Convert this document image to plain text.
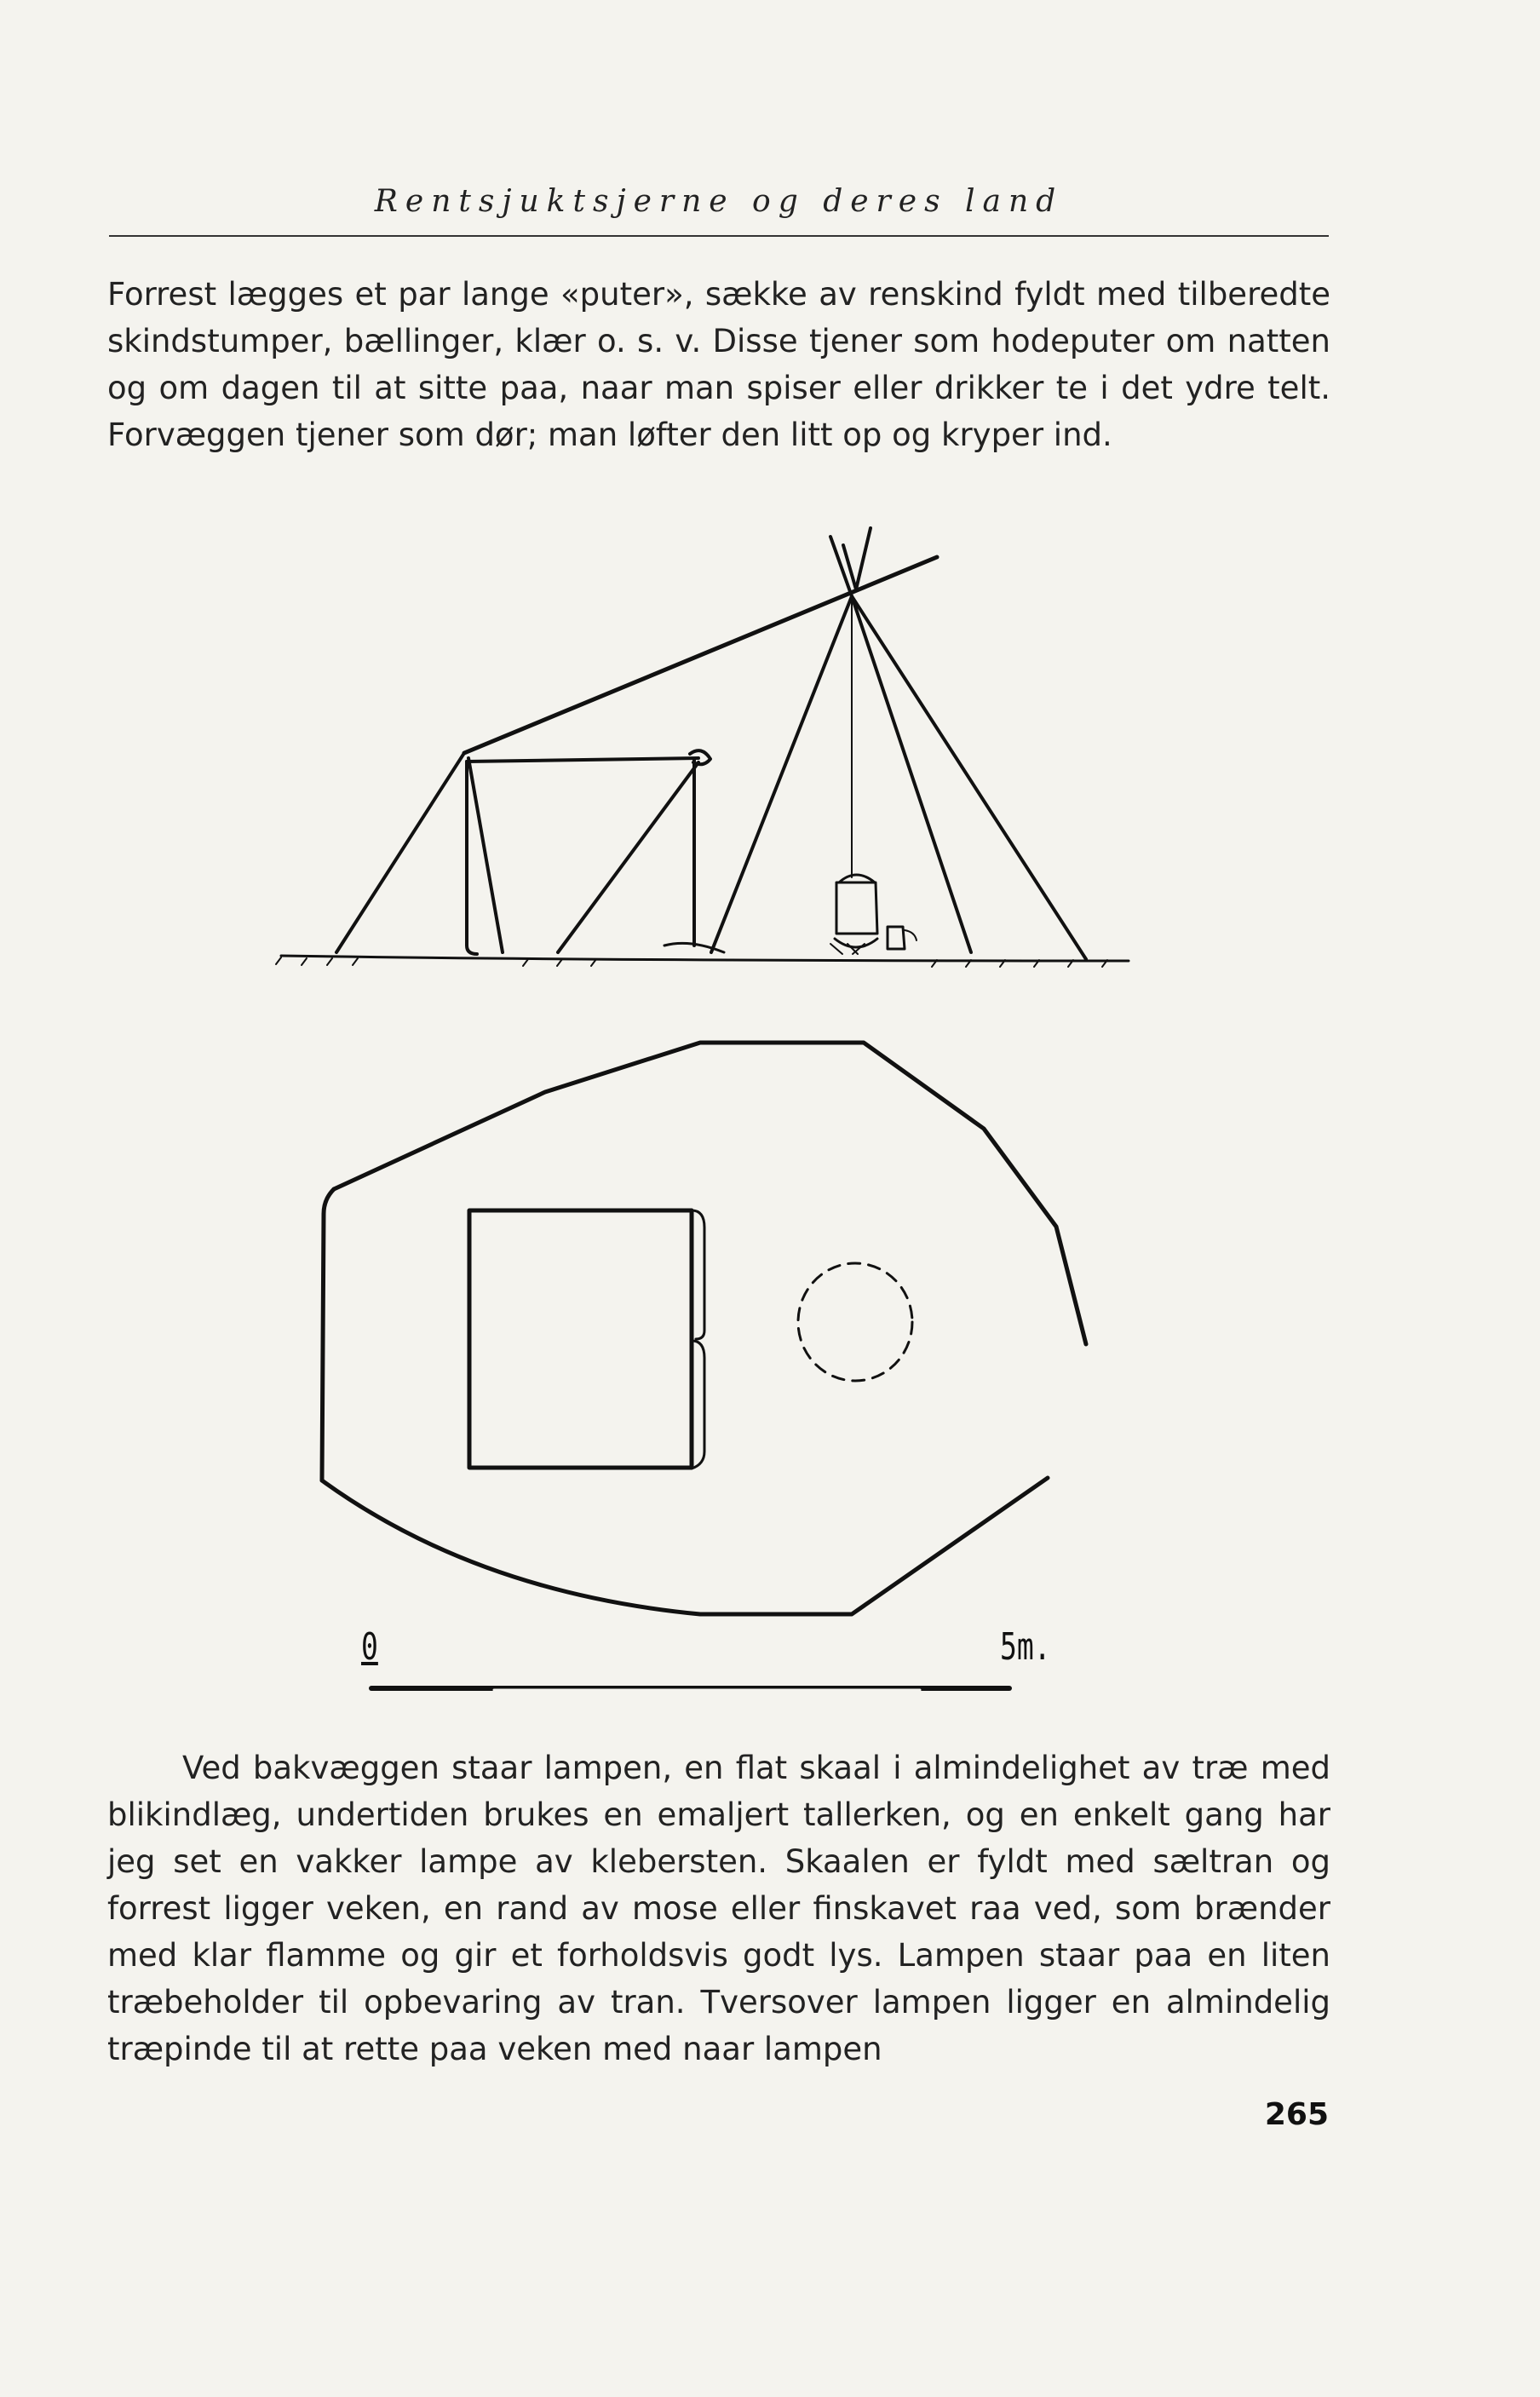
Rentsjuktsjerne og deres land

Forrest lægges et par lange «puter», sække av renskind fyldt med tilberedte skindstumper, bællinger, klær o. s. v. Disse tjener som hodeputer om natten og om dagen til at sitte paa, naar man spiser eller drikker te i det ydre telt. Forvæggen tjener som dør; man løfter den litt op og kryper ind.

0	5m.

Ved bakvæggen staar lampen, en flat skaal i almindelighet av træ med blikindlæg, undertiden brukes en emaljert tallerken, og en enkelt gang har jeg set en vakker lampe av klebersten. Skaalen er fyldt med sæltran og forrest ligger veken, en rand av mose eller finskavet raa ved, som brænder med klar flamme og gir et forholdsvis godt lys. Lampen staar paa en liten træbeholder til opbevaring av tran. Tversover lampen ligger en almindelig træpinde til at rette paa veken med naar lampen

265
